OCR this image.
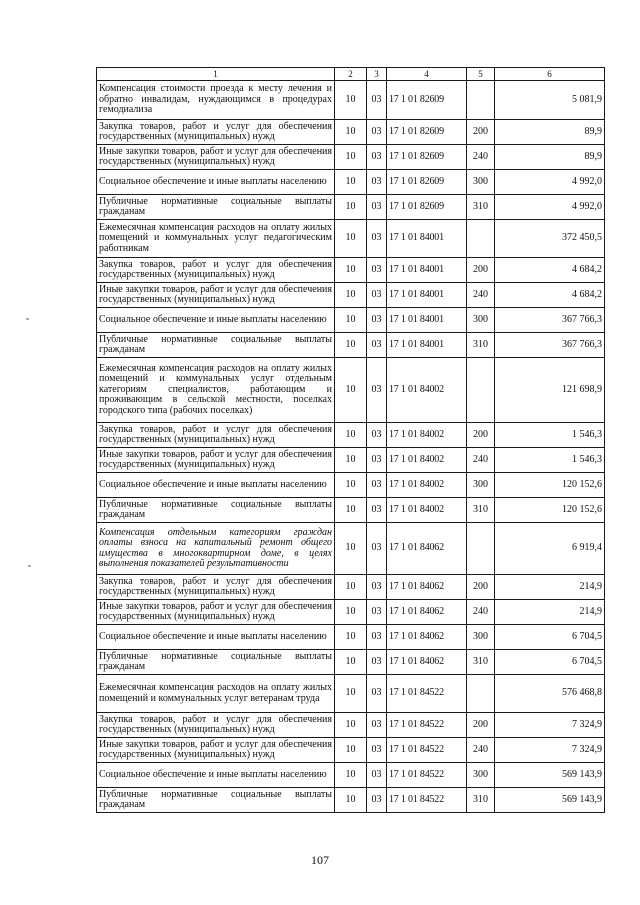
1	2	3	4	5	6
Компенсация стоимости проезда к месту лечения и обратно инвалидам, нуждающимся в процедурах гемодиализа	10	03	17 1 01 82609		5 081,9
Закупка товаров, работ и услуг для обеспечения государственных (муниципальных) нужд	10	03	17 1 01 82609	200	89,9
Иные закупки товаров, работ и услуг для обеспечения государственных (муниципальных) нужд	10	03	17 1 01 82609	240	89,9
Социальное обеспечение и иные выплаты населению	10	03	17 1 01 82609	300	4 992,0
Публичные нормативные социальные выплаты гражданам	10	03	17 1 01 82609	310	4 992,0
Ежемесячная компенсация расходов на оплату жилых помещений и коммунальных услуг педагогическим работникам	10	03	17 1 01 84001		372 450,5
Закупка товаров, работ и услуг для обеспечения государственных (муниципальных) нужд	10	03	17 1 01 84001	200	4 684,2
Иные закупки товаров, работ и услуг для обеспечения государственных (муниципальных) нужд	10	03	17 1 01 84001	240	4 684,2
Социальное обеспечение и иные выплаты населению	10	03	17 1 01 84001	300	367 766,3
Публичные нормативные социальные выплаты гражданам	10	03	17 1 01 84001	310	367 766,3
Ежемесячная компенсация расходов на оплату жилых помещений и коммунальных услуг отдельным категориям специалистов, работающим и проживающим в сельской местности, поселках городского типа (рабочих поселках)	10	03	17 1 01 84002		121 698,9
Закупка товаров, работ и услуг для обеспечения государственных (муниципальных) нужд	10	03	17 1 01 84002	200	1 546,3
Иные закупки товаров, работ и услуг для обеспечения государственных (муниципальных) нужд	10	03	17 1 01 84002	240	1 546,3
Социальное обеспечение и иные выплаты населению	10	03	17 1 01 84002	300	120 152,6
Публичные нормативные социальные выплаты гражданам	10	03	17 1 01 84002	310	120 152,6
Компенсация отдельным категориям граждан оплаты взноса на капитальный ремонт общего имущества в многоквартирном доме, в целях выполнения показателей результативности	10	03	17 1 01 84062		6 919,4
Закупка товаров, работ и услуг для обеспечения государственных (муниципальных) нужд	10	03	17 1 01 84062	200	214,9
Иные закупки товаров, работ и услуг для обеспечения государственных (муниципальных) нужд	10	03	17 1 01 84062	240	214,9
Социальное обеспечение и иные выплаты населению	10	03	17 1 01 84062	300	6 704,5
Публичные нормативные социальные выплаты гражданам	10	03	17 1 01 84062	310	6 704,5
Ежемесячная компенсация расходов на оплату жилых помещений и коммунальных услуг ветеранам труда	10	03	17 1 01 84522		576 468,8
Закупка товаров, работ и услуг для обеспечения государственных (муниципальных) нужд	10	03	17 1 01 84522	200	7 324,9
Иные закупки товаров, работ и услуг для обеспечения государственных (муниципальных) нужд	10	03	17 1 01 84522	240	7 324,9
Социальное обеспечение и иные выплаты населению	10	03	17 1 01 84522	300	569 143,9
Публичные нормативные социальные выплаты гражданам	10	03	17 1 01 84522	310	569 143,9
107
